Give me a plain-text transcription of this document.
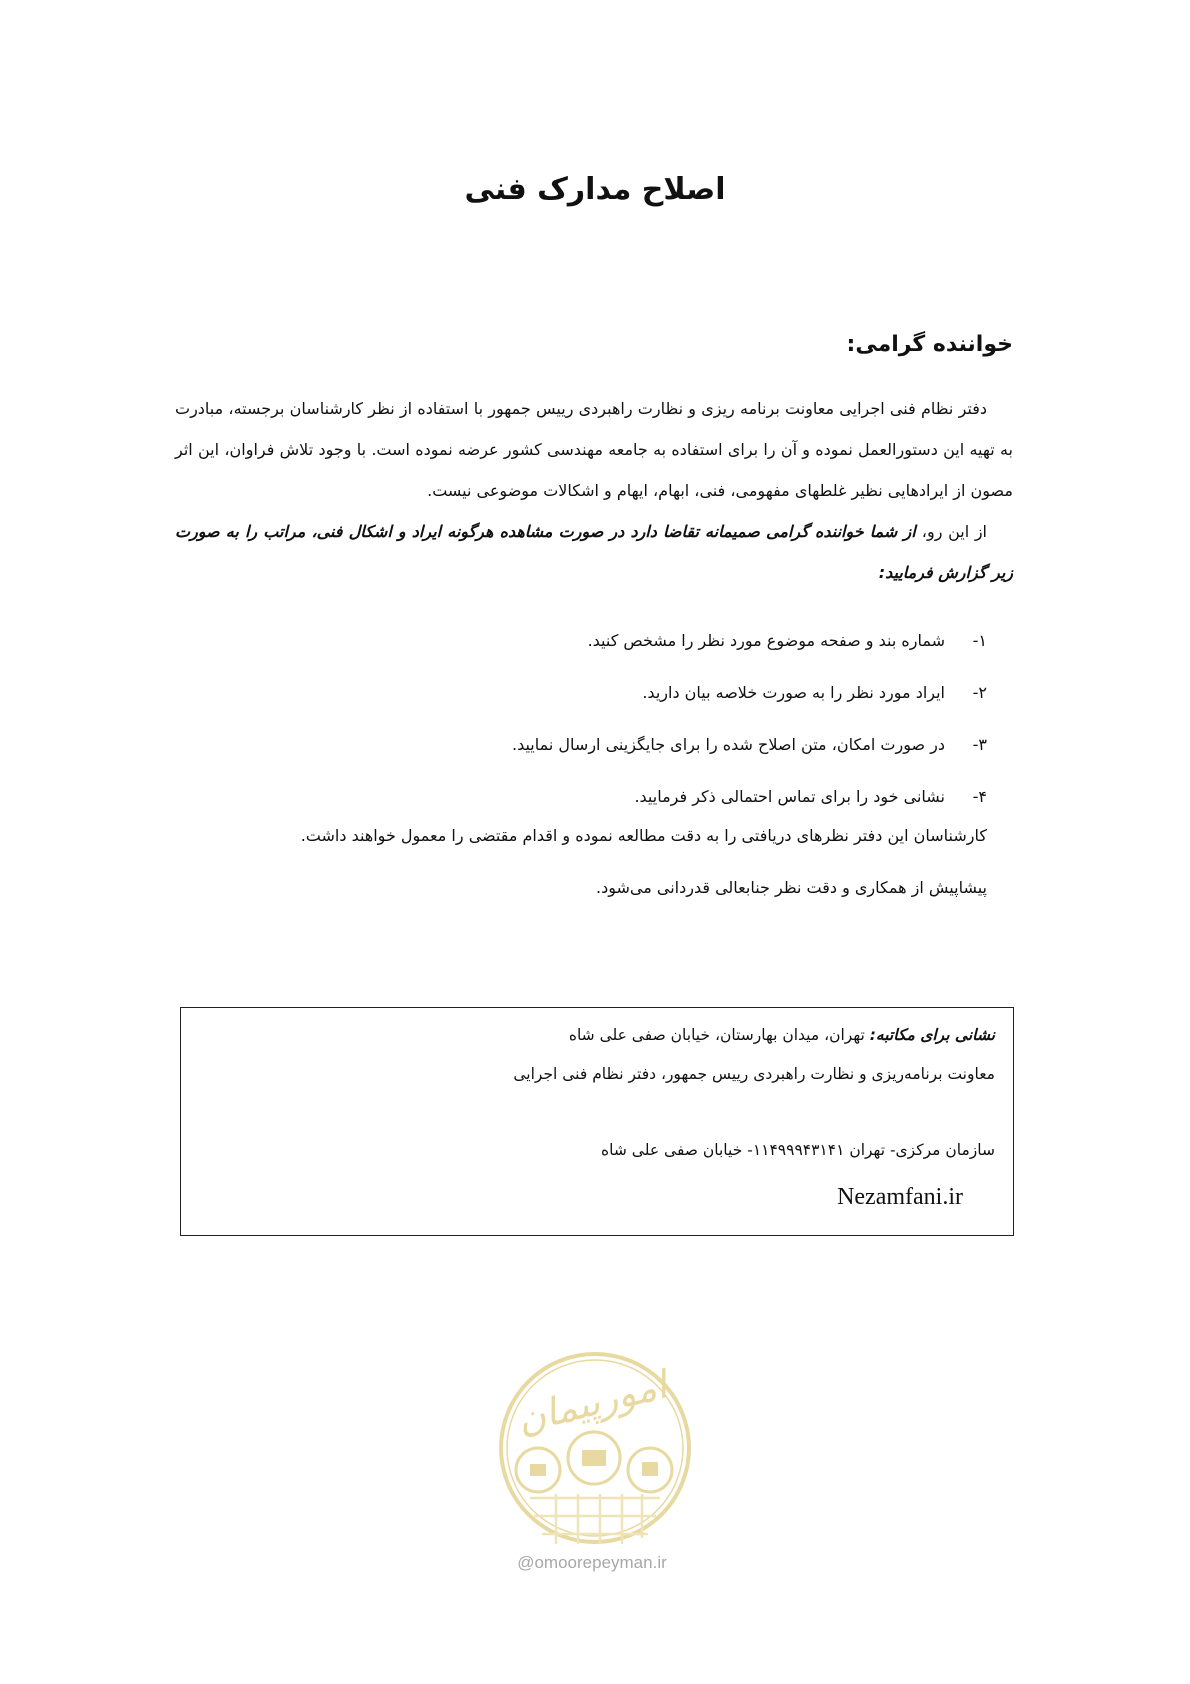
اصلاح مدارک فنی
خواننده گرامی:

دفتر نظام فنی اجرایی معاونت برنامه ریزی و نظارت راهبردی رییس جمهور با استفاده از نظر کارشناسان برجسته، مبادرت به تهیه این دستورالعمل نموده و آن را برای استفاده به جامعه مهندسی کشور عرضه نموده است. با وجود تلاش فراوان، این اثر مصون از ایرادهایی نظیر غلطهای مفهومی، فنی، ابهام، ایهام و اشکالات موضوعی نیست.

از این رو، از شما خواننده گرامی صمیمانه تقاضا دارد در صورت مشاهده هرگونه ایراد و اشکال فنی، مراتب را به صورت زیر گزارش فرمایید:

۱-
شماره بند و صفحه موضوع مورد نظر را مشخص کنید.
۲-
ایراد مورد نظر را به صورت خلاصه بیان دارید.
۳-
در صورت امکان، متن اصلاح شده را برای جایگزینی ارسال نمایید.
۴-
نشانی خود را برای تماس احتمالی ذکر فرمایید.

کارشناسان این دفتر نظرهای دریافتی را به دقت مطالعه نموده و اقدام مقتضی را معمول خواهند داشت.

پیشاپیش از همکاری و دقت نظر جنابعالی قدردانی می‌شود.

نشانی برای مکاتبه: تهران، میدان بهارستان، خیابان صفی علی شاه
معاونت برنامه‌ریزی و نظارت راهبردی رییس جمهور، دفتر نظام فنی اجرایی
سازمان مرکزی- تهران ۱۱۴۹۹۹۴۳۱۴۱- خیابان صفی علی شاه
Nezamfani.ir
امورپیمان
@omoorepeyman.ir
